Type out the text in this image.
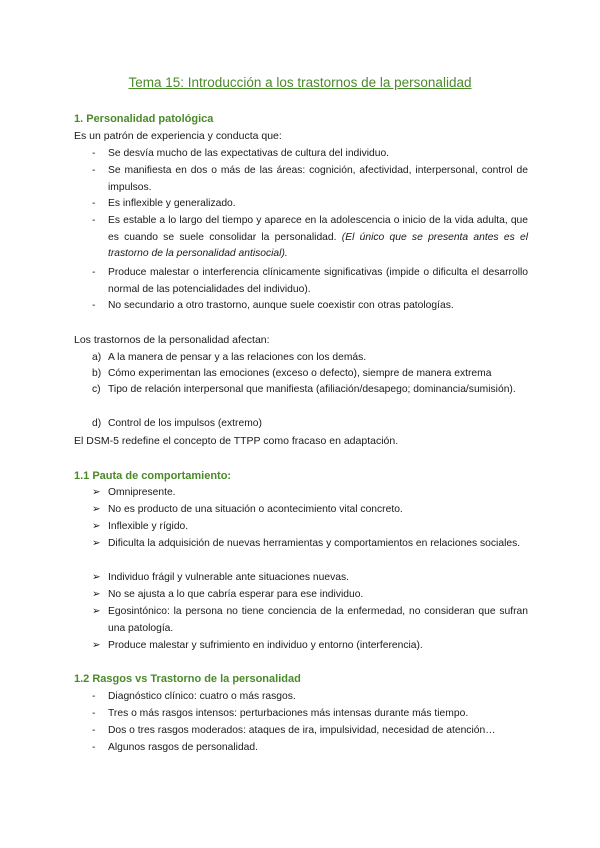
Tema 15: Introducción a los trastornos de la personalidad
1. Personalidad patológica
Es un patrón de experiencia y conducta que:
-	Se desvía mucho de las expectativas de cultura del individuo.
-	Se manifiesta en dos o más de las áreas: cognición, afectividad, interpersonal, control de impulsos.
-	Es inflexible y generalizado.
-	Es estable a lo largo del tiempo y aparece en la adolescencia o inicio de la vida adulta, que es cuando se suele consolidar la personalidad. (El único que se presenta antes es el trastorno de la personalidad antisocial).
-	Produce malestar o interferencia clínicamente significativas (impide o dificulta el desarrollo normal de las potencialidades del individuo).
-	No secundario a otro trastorno, aunque suele coexistir con otras patologías.
Los trastornos de la personalidad afectan:
a) A la manera de pensar y a las relaciones con los demás.
b) Cómo experimentan las emociones (exceso o defecto), siempre de manera extrema
c) Tipo de relación interpersonal que manifiesta (afiliación/desapego; dominancia/sumisión).
d) Control de los impulsos (extremo)
El DSM-5 redefine el concepto de TTPP como fracaso en adaptación.
1.1 Pauta de comportamiento:
➢ Omnipresente.
➢ No es producto de una situación o acontecimiento vital concreto.
➢ Inflexible y rígido.
➢ Dificulta la adquisición de nuevas herramientas y comportamientos en relaciones sociales.
➢ Individuo frágil y vulnerable ante situaciones nuevas.
➢ No se ajusta a lo que cabría esperar para ese individuo.
➢ Egosintónico: la persona no tiene conciencia de la enfermedad, no consideran que sufran una patología.
➢ Produce malestar y sufrimiento en individuo y entorno (interferencia).
1.2 Rasgos vs Trastorno de la personalidad
-	Diagnóstico clínico: cuatro o más rasgos.
-	Tres o más rasgos intensos: perturbaciones más intensas durante más tiempo.
-	Dos o tres rasgos moderados: ataques de ira, impulsividad, necesidad de atención…
-	Algunos rasgos de personalidad.
